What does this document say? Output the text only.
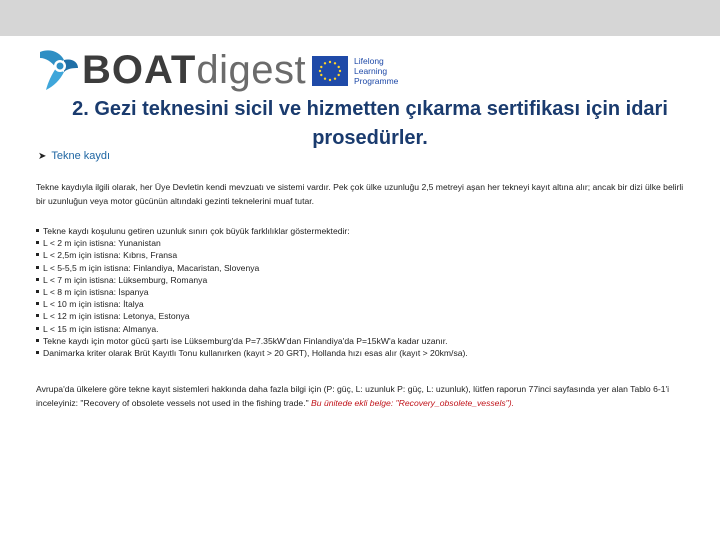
BOATdigest	Lifelong
Learning
Programme
2. Gezi teknesini sicil ve hizmetten çıkarma sertifikası için idari prosedürler.
➤ Tekne kaydı
Tekne kaydıyla ilgili olarak, her Üye Devletin kendi mevzuatı ve sistemi vardır. Pek çok ülke uzunluğu 2,5 metreyi aşan her tekneyi kayıt altına alır; ancak bir dizi ülke belirli bir uzunluğun veya motor gücünün altındaki gezinti teknelerini muaf tutar.
Tekne kaydı koşulunu getiren uzunluk sınırı çok büyük farklılıklar göstermektedir:
L < 2 m için istisna: Yunanistan
L < 2,5m için istisna: Kıbrıs, Fransa
L < 5-5,5 m için istisna: Finlandiya, Macaristan, Slovenya
L < 7 m için istisna: Lüksemburg, Romanya
L < 8 m için istisna: İspanya
L < 10 m için istisna: İtalya
L < 12 m için istisna: Letonya, Estonya
L < 15 m için istisna: Almanya.
Tekne kaydı için motor gücü şartı ise Lüksemburg'da P=7.35kW'dan Finlandiya'da P=15kW'a kadar uzanır.
Danimarka kriter olarak Brüt Kayıtlı Tonu kullanırken (kayıt > 20 GRT), Hollanda hızı esas alır (kayıt > 20km/sa).
Avrupa'da ülkelere göre tekne kayıt sistemleri hakkında daha fazla bilgi için (P: güç, L: uzunluk P: güç, L: uzunluk), lütfen raporun 77inci sayfasında yer alan Tablo 6-1'i inceleyiniz: "Recovery of obsolete vessels not used in the fishing trade." Bu ünitede ekli belge: "Recovery_obsolete_vessels").
